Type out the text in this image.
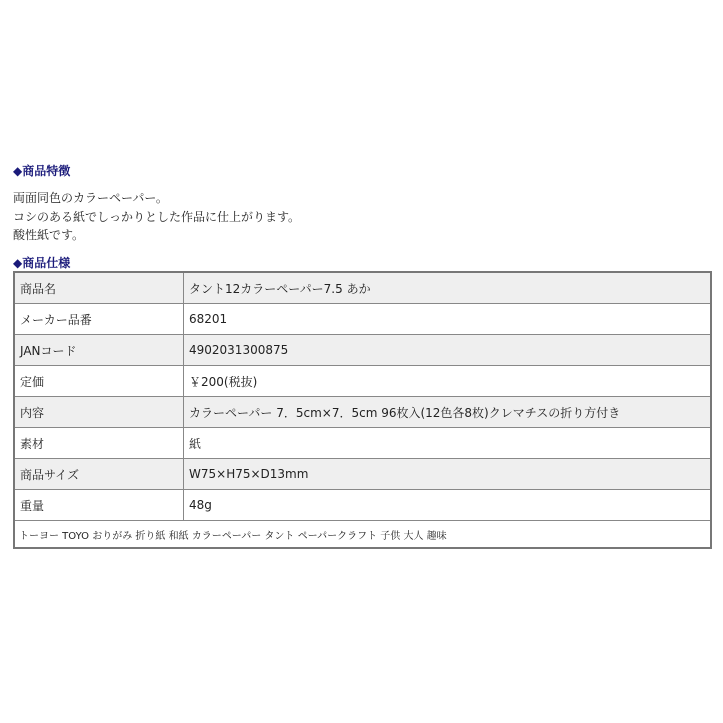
◆商品特徴
両面同色のカラーペーパー。
コシのある紙でしっかりとした作品に仕上がります。
酸性紙です。
◆商品仕様
商品名	タント12カラーペーパー7.5 あか
メーカー品番	68201
JANコード	4902031300875
定価	￥200(税抜)
内容	カラーペーパー 7．5cm×7．5cm 96枚入(12色各8枚)クレマチスの折り方付き
素材	紙
商品サイズ	W75×H75×D13mm
重量	48g
トーヨー TOYO おりがみ 折り紙 和紙 カラーペーパー タント ペーパークラフト 子供 大人 趣味	
